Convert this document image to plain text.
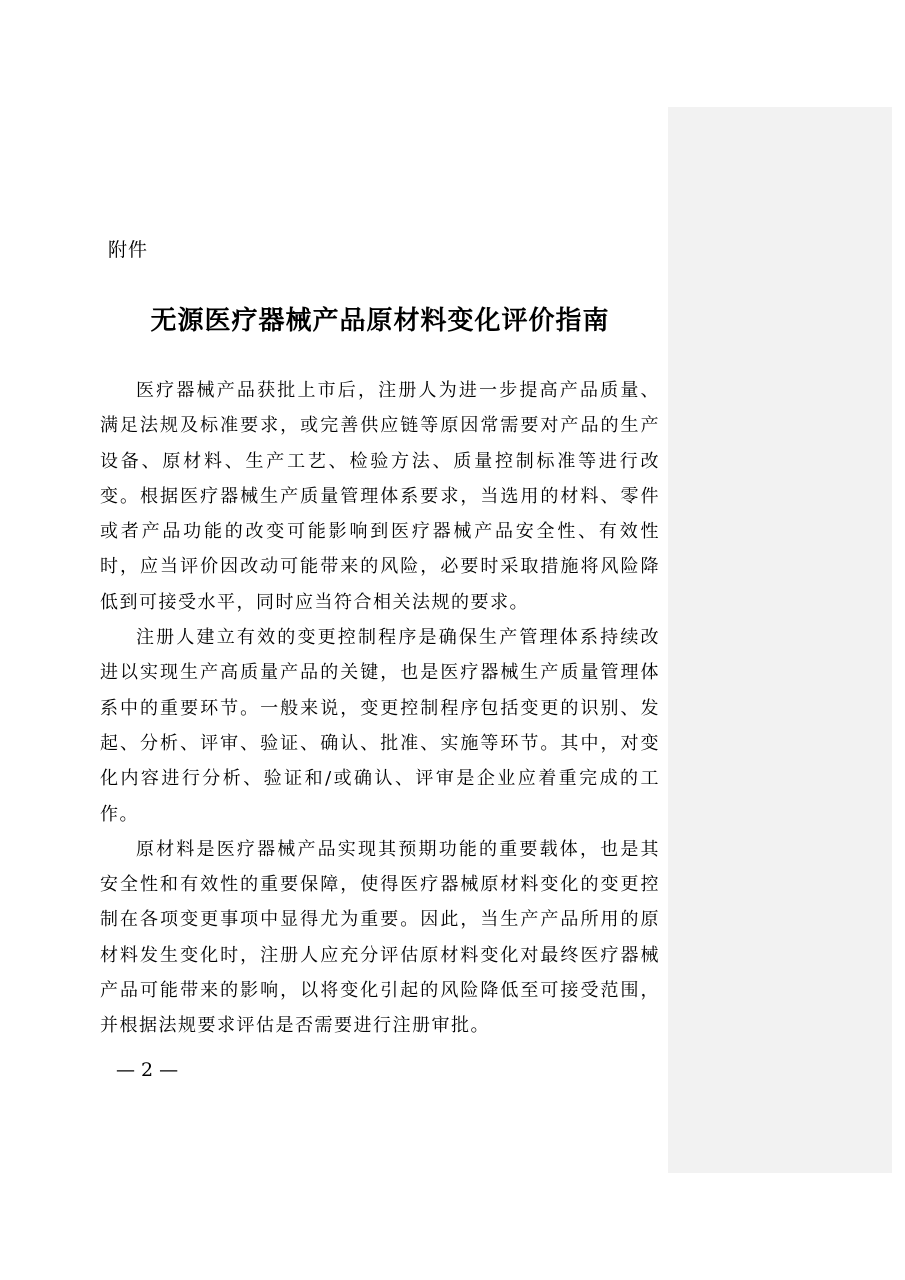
附件
无源医疗器械产品原材料变化评价指南

医疗器械产品获批上市后，注册人为进一步提高产品质量、满足法规及标准要求，或完善供应链等原因常需要对产品的生产设备、原材料、生产工艺、检验方法、质量控制标准等进行改变。根据医疗器械生产质量管理体系要求，当选用的材料、零件或者产品功能的改变可能影响到医疗器械产品安全性、有效性时，应当评价因改动可能带来的风险，必要时采取措施将风险降低到可接受水平，同时应当符合相关法规的要求。

注册人建立有效的变更控制程序是确保生产管理体系持续改进以实现生产高质量产品的关键，也是医疗器械生产质量管理体系中的重要环节。一般来说，变更控制程序包括变更的识别、发起、分析、评审、验证、确认、批准、实施等环节。其中，对变化内容进行分析、验证和/或确认、评审是企业应着重完成的工作。

原材料是医疗器械产品实现其预期功能的重要载体，也是其安全性和有效性的重要保障，使得医疗器械原材料变化的变更控制在各项变更事项中显得尤为重要。因此，当生产产品所用的原材料发生变化时，注册人应充分评估原材料变化对最终医疗器械产品可能带来的影响，以将变化引起的风险降低至可接受范围，并根据法规要求评估是否需要进行注册审批。

— 2 —
